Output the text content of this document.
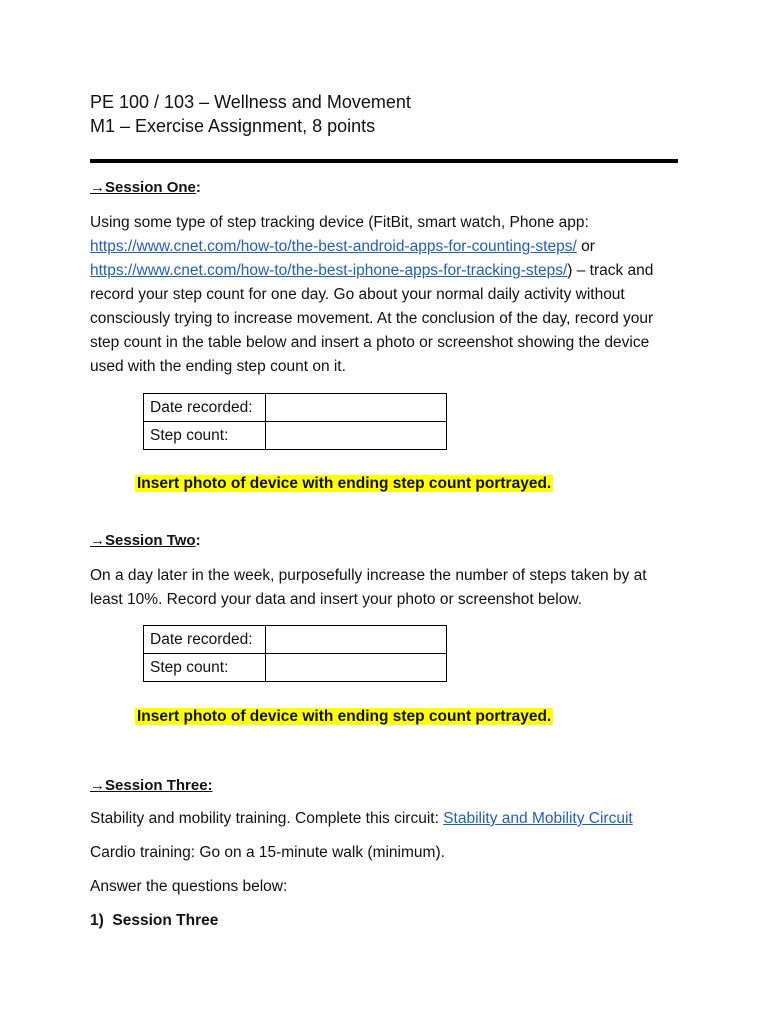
PE 100 / 103 – Wellness and Movement

M1 – Exercise Assignment, 8 points

→Session One:

Using some type of step tracking device (FitBit, smart watch, Phone app: https://www.cnet.com/how-to/the-best-android-apps-for-counting-steps/ or https://www.cnet.com/how-to/the-best-iphone-apps-for-tracking-steps/) – track and record your step count for one day. Go about your normal daily activity without consciously trying to increase movement. At the conclusion of the day, record your step count in the table below and insert a photo or screenshot showing the device used with the ending step count on it.

Date recorded:	
Step count:	
Insert photo of device with ending step count portrayed.

→Session Two:

On a day later in the week, purposefully increase the number of steps taken by at least 10%. Record your data and insert your photo or screenshot below.

Date recorded:	
Step count:	
Insert photo of device with ending step count portrayed.

→Session Three:

Stability and mobility training. Complete this circuit: Stability and Mobility Circuit

Cardio training: Go on a 15-minute walk (minimum).

Answer the questions below:

1) Session Three
